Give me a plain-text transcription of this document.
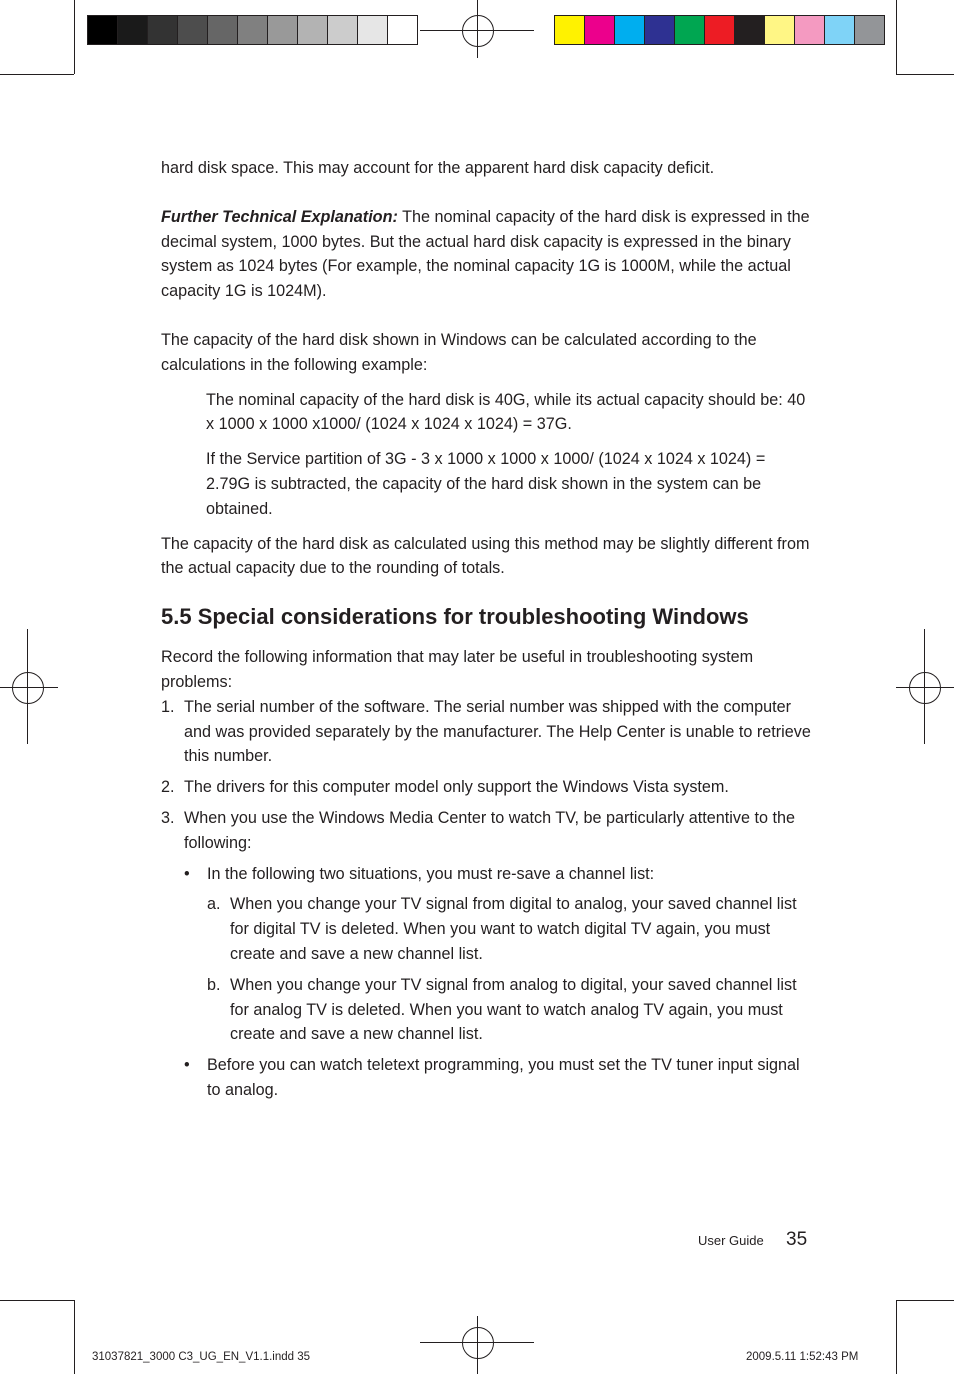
hard disk space. This may account for the apparent hard disk capacity deficit.

Further Technical Explanation: The nominal capacity of the hard disk is expressed in the decimal system, 1000 bytes. But the actual hard disk capacity is expressed in the binary system as 1024 bytes (For example, the nominal capacity 1G is 1000M, while the actual capacity 1G is 1024M).

The capacity of the hard disk shown in Windows can be calculated according to the calculations in the following example:

The nominal capacity of the hard disk is 40G, while its actual capacity should be: 40 x 1000 x 1000 x1000/ (1024 x 1024 x 1024) = 37G.

If the Service partition of 3G - 3 x 1000 x 1000 x 1000/ (1024 x 1024 x 1024) = 2.79G is subtracted, the capacity of the hard disk shown in the system can be obtained.

The capacity of the hard disk as calculated using this method may be slightly different from the actual capacity due to the rounding of totals.

5.5 Special considerations for troubleshooting Windows

Record the following information that may later be useful in troubleshooting system problems:

1. The serial number of the software. The serial number was shipped with the computer and was provided separately by the manufacturer. The Help Center is unable to retrieve this number.
2. The drivers for this computer model only support the Windows Vista system.
3. When you use the Windows Media Center to watch TV, be particularly attentive to the following:
• In the following two situations, you must re-save a channel list:
a. When you change your TV signal from digital to analog, your saved channel list for digital TV is deleted. When you want to watch digital TV again, you must create and save a new channel list.
b. When you change your TV signal from analog to digital, your saved channel list for analog TV is deleted. When you want to watch analog TV again, you must create and save a new channel list.
• Before you can watch teletext programming, you must set the TV tuner input signal to analog.
User Guide 35
31037821_3000 C3_UG_EN_V1.1.indd 35	2009.5.11 1:52:43 PM
